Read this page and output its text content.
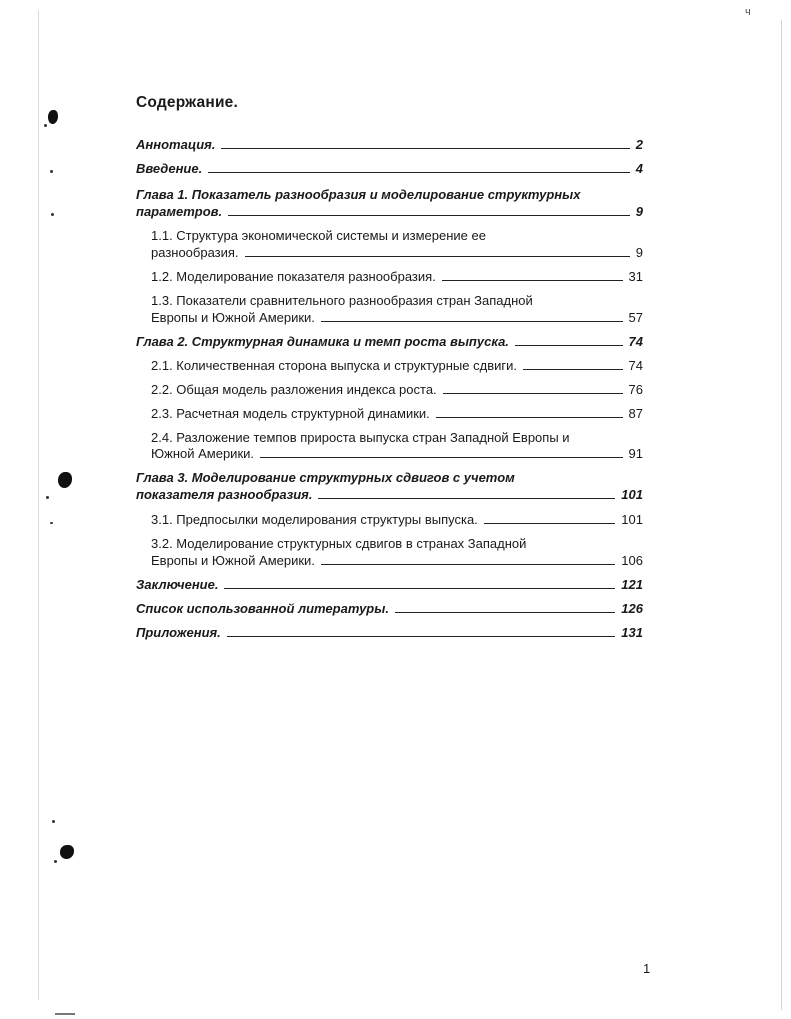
ч
Содержание.
Аннотация.	2
Введение.	4
Глава 1. Показатель разнообразия и моделирование структурных
параметров.	9
1.1. Структура экономической системы и измерение ее
разнообразия.	9
1.2. Моделирование показателя разнообразия.	31
1.3. Показатели сравнительного разнообразия стран Западной
Европы и Южной Америки.	57
Глава 2. Структурная динамика и темп роста выпуска.	74
2.1. Количественная сторона выпуска и структурные сдвиги.	74
2.2. Общая модель разложения индекса роста.	76
2.3. Расчетная модель структурной динамики.	87
2.4. Разложение темпов прироста выпуска стран Западной Европы и
Южной Америки.	91
Глава 3. Моделирование структурных сдвигов с учетом
показателя разнообразия.	101
3.1. Предпосылки моделирования структуры выпуска.	101
3.2. Моделирование структурных сдвигов в странах Западной
Европы и Южной Америки.	106
Заключение.	121
Список использованной литературы.	126
Приложения.	131
1
